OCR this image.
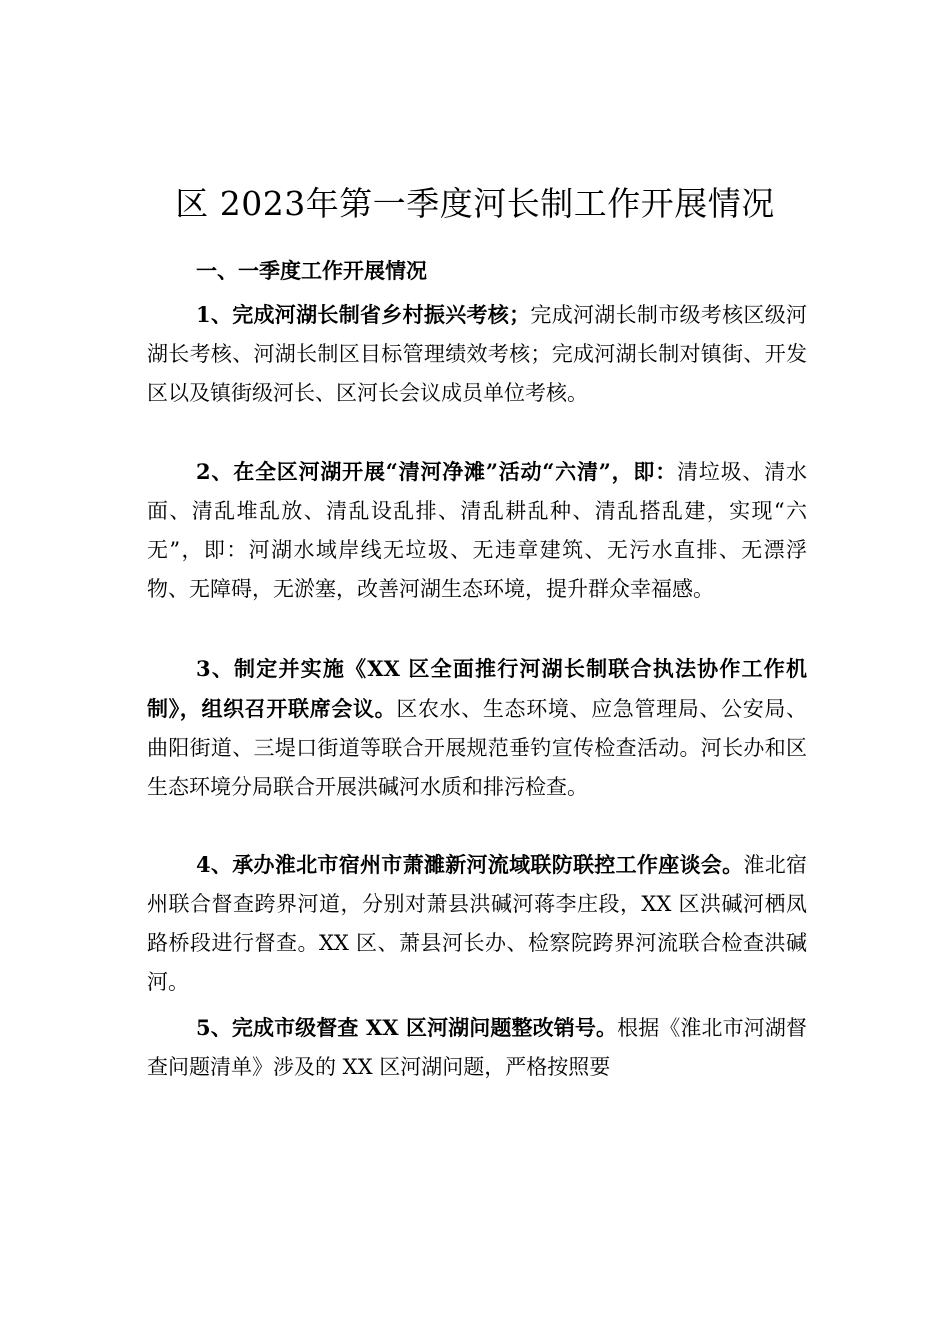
区 2023年第一季度河长制工作开展情况
一、一季度工作开展情况

1、完成河湖长制省乡村振兴考核；完成河湖长制市级考核区级河湖长考核、河湖长制区目标管理绩效考核；完成河湖长制对镇街、开发区以及镇街级河长、区河长会议成员单位考核。

2、在全区河湖开展“清河净滩”活动“六清”，即：清垃圾、清水面、清乱堆乱放、清乱设乱排、清乱耕乱种、清乱搭乱建，实现“六无”，即：河湖水域岸线无垃圾、无违章建筑、无污水直排、无漂浮物、无障碍，无淤塞，改善河湖生态环境，提升群众幸福感。

3、制定并实施《XX 区全面推行河湖长制联合执法协作工作机制》，组织召开联席会议。区农水、生态环境、应急管理局、公安局、曲阳街道、三堤口街道等联合开展规范垂钓宣传检查活动。河长办和区生态环境分局联合开展洪碱河水质和排污检查。

4、承办淮北市宿州市萧濉新河流域联防联控工作座谈会。淮北宿州联合督查跨界河道，分别对萧县洪碱河蒋李庄段，XX 区洪碱河栖凤路桥段进行督查。XX 区、萧县河长办、检察院跨界河流联合检查洪碱河。

5、完成市级督查 XX 区河湖问题整改销号。根据《淮北市河湖督查问题清单》涉及的 XX 区河湖问题，严格按照要
